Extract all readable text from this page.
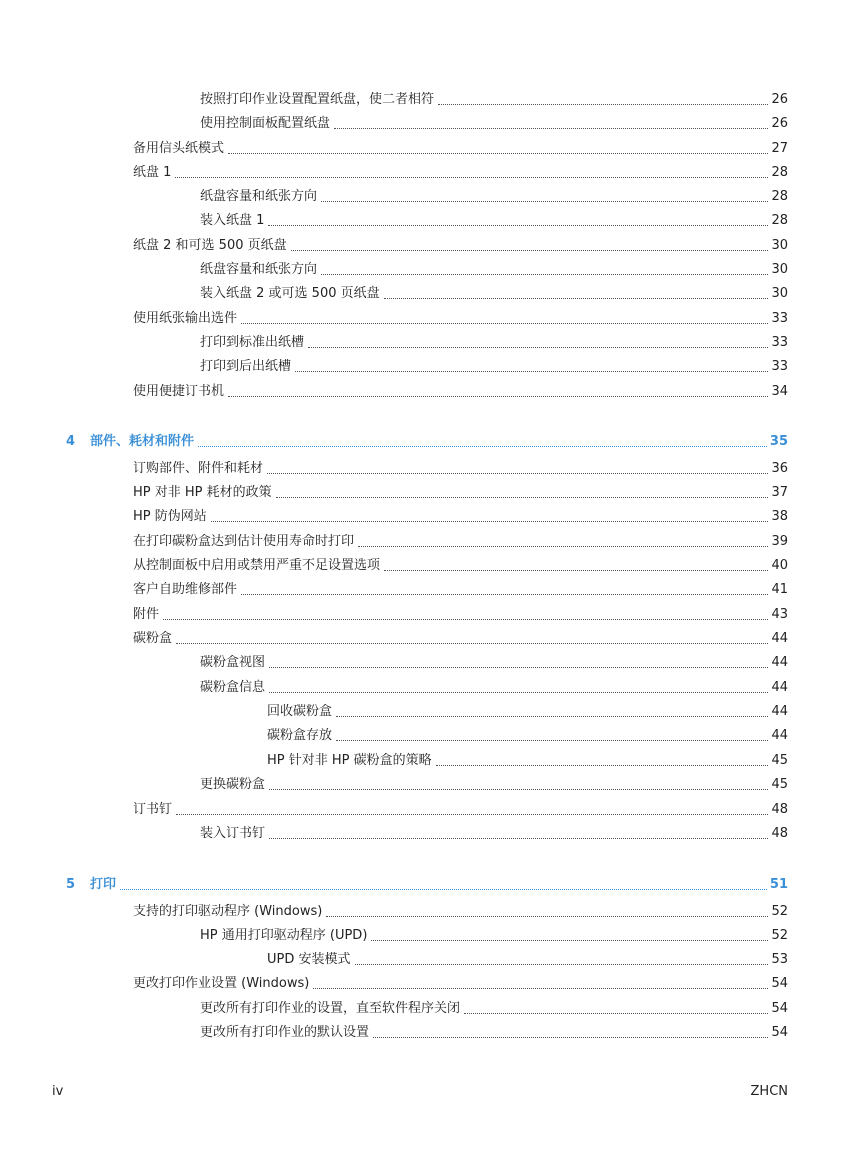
按照打印作业设置配置纸盘，使二者相符	26
使用控制面板配置纸盘	26
备用信头纸模式	27
纸盘 1	28
纸盘容量和纸张方向	28
装入纸盘 1	28
纸盘 2 和可选 500 页纸盘	30
纸盘容量和纸张方向	30
装入纸盘 2 或可选 500 页纸盘	30
使用纸张输出选件	33
打印到标准出纸槽	33
打印到后出纸槽	33
使用便捷订书机	34
4 部件、耗材和附件	35
订购部件、附件和耗材	36
HP 对非 HP 耗材的政策	37
HP 防伪网站	38
在打印碳粉盒达到估计使用寿命时打印	39
从控制面板中启用或禁用严重不足设置选项	40
客户自助维修部件	41
附件	43
碳粉盒	44
碳粉盒视图	44
碳粉盒信息	44
回收碳粉盒	44
碳粉盒存放	44
HP 针对非 HP 碳粉盒的策略	45
更换碳粉盒	45
订书钉	48
装入订书钉	48
5 打印	51
支持的打印驱动程序 (Windows)	52
HP 通用打印驱动程序 (UPD)	52
UPD 安装模式	53
更改打印作业设置 (Windows)	54
更改所有打印作业的设置，直至软件程序关闭	54
更改所有打印作业的默认设置	54
iv	ZHCN
